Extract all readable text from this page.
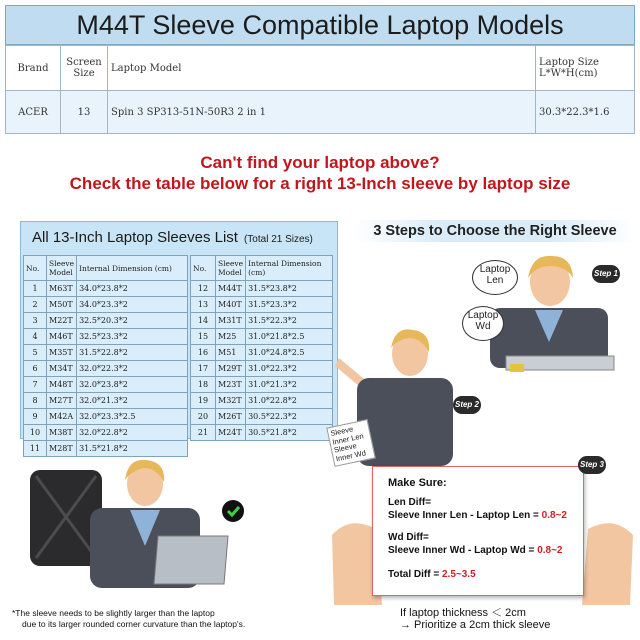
M44T Sleeve Compatible Laptop Models
Brand	Screen Size	Laptop Model	Laptop Size
L*W*H(cm)
ACER	13	Spin 3 SP313-51N-50R3 2 in 1	30.3*22.3*1.6
Can't find your laptop above?
Check the table below for a right 13-Inch sleeve by laptop size
All 13-Inch Laptop Sleeves List (Total 21 Sizes)
No.	Sleeve Model	Internal Dimension (cm)
1	M63T	34.0*23.8*2
2	M50T	34.0*23.3*2
3	M22T	32.5*20.3*2
4	M46T	32.5*23.3*2
5	M35T	31.5*22.8*2
6	M34T	32.0*22.3*2
7	M48T	32.0*23.8*2
8	M27T	32.0*21.3*2
9	M42A	32.0*23.3*2.5
10	M38T	32.0*22.8*2
11	M28T	31.5*21.8*2
No.	Sleeve Model	Internal Dimension (cm)
12	M44T	31.5*23.8*2
13	M40T	31.5*23.3*2
14	M31T	31.5*22.3*2
15	M25	31.0*21.8*2.5
16	M51	31.0*24.8*2.5
17	M29T	31.0*22.3*2
18	M23T	31.0*21.3*2
19	M32T	31.0*22.8*2
20	M26T	30.5*22.3*2
21	M24T	30.5*21.8*2
3 Steps to Choose the Right Sleeve
Laptop Len
Laptop Wd
Step 1
Step 2
Sleeve Inner Len Sleeve Inner Wd
Make Sure:
Len Diff=
Sleeve Inner Len - Laptop Len = 0.8~2
Wd Diff=
Sleeve Inner Wd - Laptop Wd = 0.8~2
Total Diff = 2.5~3.5
Step 3
If laptop thickness ＜ 2cm
→ Prioritize a 2cm thick sleeve
*The sleeve needs to be slightly larger than the laptop
due to its larger rounded corner curvature than the laptop's.
